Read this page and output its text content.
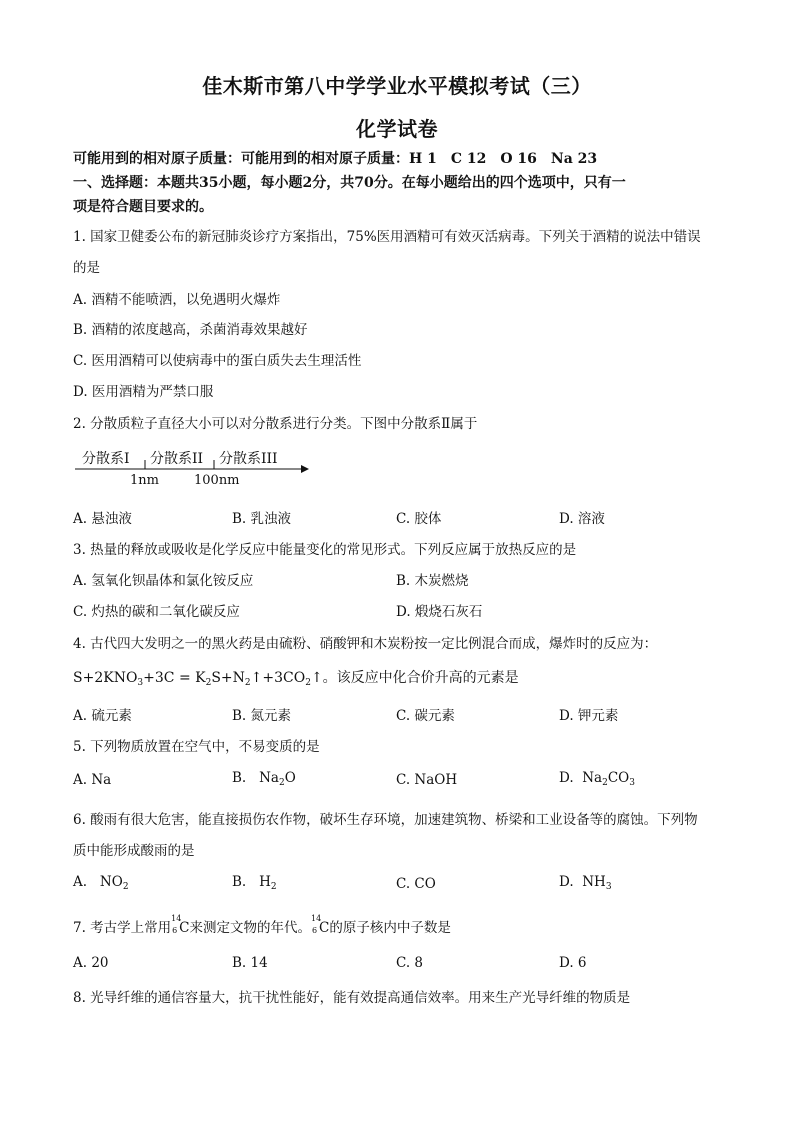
佳木斯市第八中学学业水平模拟考试（三）
化学试卷
可能用到的相对原子质量：可能用到的相对原子质量：H 1　C 12　O 16　Na 23
一、选择题：本题共35小题，每小题2分，共70分。在每小题给出的四个选项中，只有一
项是符合题目要求的。
1. 国家卫健委公布的新冠肺炎诊疗方案指出，75%医用酒精可有效灭活病毒。下列关于酒精的说法中错误
的是
A. 酒精不能喷洒，以免遇明火爆炸
B. 酒精的浓度越高，杀菌消毒效果越好
C. 医用酒精可以使病毒中的蛋白质失去生理活性
D. 医用酒精为严禁口服
2. 分散质粒子直径大小可以对分散系进行分类。下图中分散系Ⅱ属于
分散系I 分散系II 分散系III
1nm	100nm
A. 悬浊液	B. 乳浊液	C. 胶体	D. 溶液
3. 热量的释放或吸收是化学反应中能量变化的常见形式。下列反应属于放热反应的是
A. 氢氧化钡晶体和氯化铵反应	B. 木炭燃烧
C. 灼热的碳和二氧化碳反应	D. 煅烧石灰石
4. 古代四大发明之一的黑火药是由硫粉、硝酸钾和木炭粉按一定比例混合而成，爆炸时的反应为：
$S+2KNO_3+3C$ = $K_2S+N_2↑+3CO_2↑$。该反应中化合价升高的元素是
A. 硫元素	B. 氮元素	C. 碳元素	D. 钾元素
5. 下列物质放置在空气中，不易变质的是
A. Na	B. $Na_2O$	C. NaOH	D. $Na_2CO_3$
6. 酸雨有很大危害，能直接损伤农作物，破坏生存环境，加速建筑物、桥梁和工业设备等的腐蚀。下列物
质中能形成酸雨的是
A. $NO_2$	B. $H_2$	C. CO	D. $NH_3$
7. 考古学上常用
14
6 C来测定文物的年代。
14
6 C的原子核内中子数是
A. 20	B. 14	C. 8	D. 6
8. 光导纤维的通信容量大，抗干扰性能好，能有效提高通信效率。用来生产光导纤维的物质是
